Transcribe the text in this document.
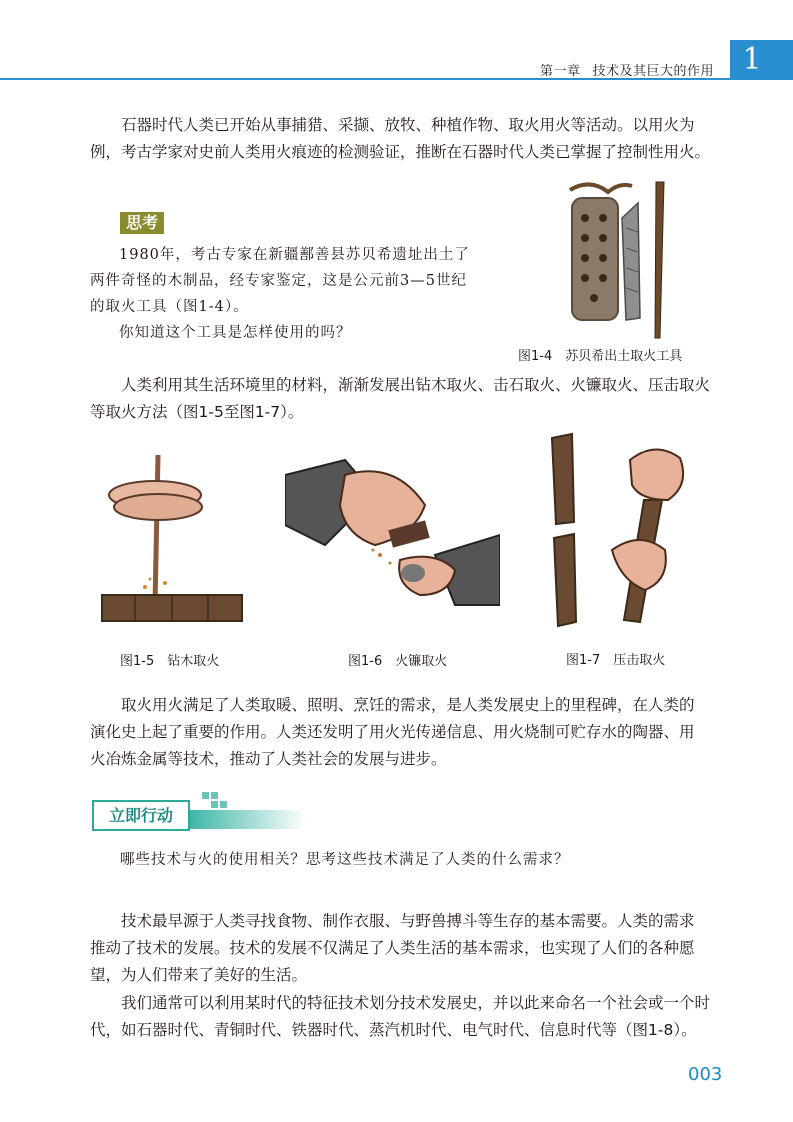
第一章 技术及其巨大的作用 1
石器时代人类已开始从事捕猎、采撷、放牧、种植作物、取火用火等活动。以用火为
例，考古学家对史前人类用火痕迹的检测验证，推断在石器时代人类已掌握了控制性用火。
思考
1980年，考古专家在新疆鄯善县苏贝希遗址出土了
两件奇怪的木制品，经专家鉴定，这是公元前3—5世纪
的取火工具（图1-4）。
你知道这个工具是怎样使用的吗？
图1-4　苏贝希出土取火工具
人类利用其生活环境里的材料，渐渐发展出钻木取火、击石取火、火镰取火、压击取火
等取火方法（图1-5至图1-7）。
图1-5　钻木取火	图1-6　火镰取火	图1-7　压击取火
取火用火满足了人类取暖、照明、烹饪的需求，是人类发展史上的里程碑，在人类的
演化史上起了重要的作用。人类还发明了用火光传递信息、用火烧制可贮存水的陶器、用
火冶炼金属等技术，推动了人类社会的发展与进步。
立即行动
哪些技术与火的使用相关？思考这些技术满足了人类的什么需求？
技术最早源于人类寻找食物、制作衣服、与野兽搏斗等生存的基本需要。人类的需求
推动了技术的发展。技术的发展不仅满足了人类生活的基本需求，也实现了人们的各种愿
望，为人们带来了美好的生活。
我们通常可以利用某时代的特征技术划分技术发展史，并以此来命名一个社会或一个时
代，如石器时代、青铜时代、铁器时代、蒸汽机时代、电气时代、信息时代等（图1-8）。
003
